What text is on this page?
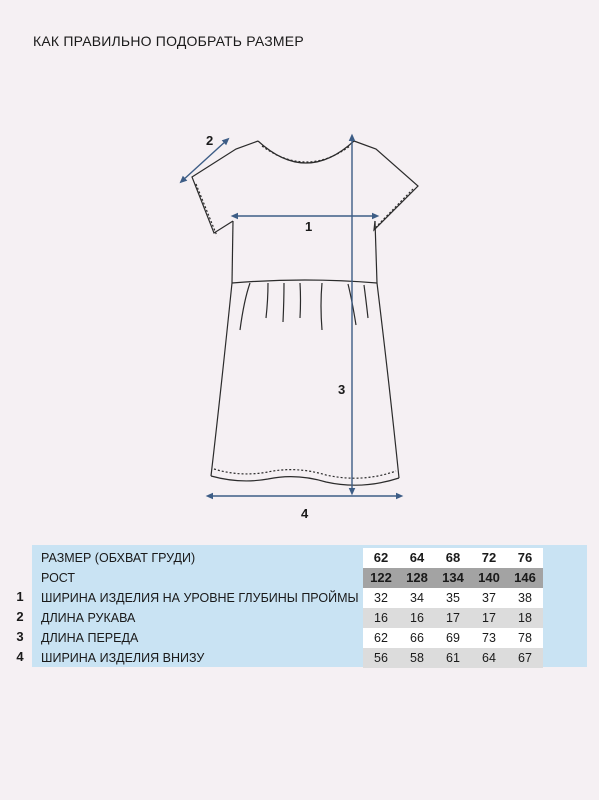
КАК ПРАВИЛЬНО ПОДОБРАТЬ РАЗМЕР
1
2
3
4
1
2
3
4
РАЗМЕР (ОБХВАТ ГРУДИ)	62	64	68	72	76
РОСТ	122	128	134	140	146
ШИРИНА ИЗДЕЛИЯ НА УРОВНЕ ГЛУБИНЫ ПРОЙМЫ	32	34	35	37	38
ДЛИНА РУКАВА	16	16	17	17	18
ДЛИНА ПЕРЕДА	62	66	69	73	78
ШИРИНА ИЗДЕЛИЯ ВНИЗУ	56	58	61	64	67
